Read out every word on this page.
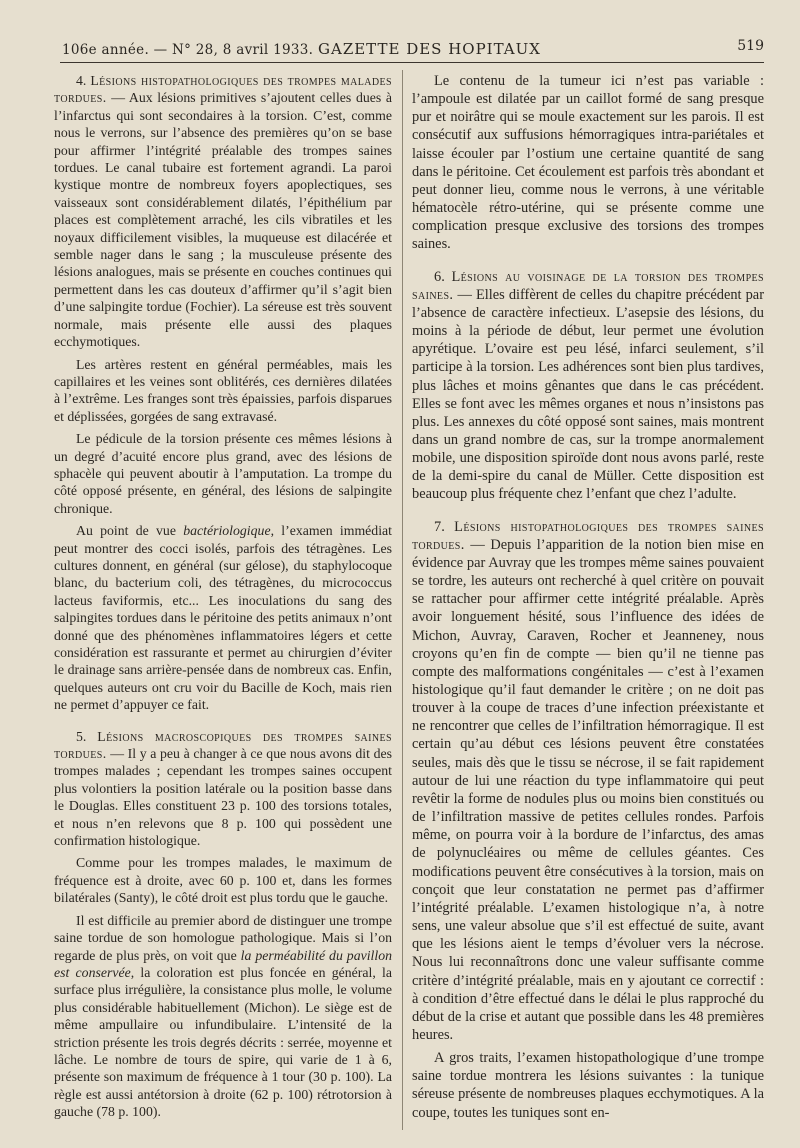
106e année. — N° 28, 8 avril 1933. GAZETTE DES HOPITAUX	519

4. Lésions histopathologiques des trompes malades tordues. — Aux lésions primitives s’ajoutent celles dues à l’infarctus qui sont secondaires à la torsion. C’est, comme nous le verrons, sur l’absence des premières qu’on se base pour affirmer l’intégrité préalable des trompes saines tordues. Le canal tubaire est fortement agrandi. La paroi kystique montre de nombreux foyers apoplectiques, ses vaisseaux sont considérablement dilatés, l’épithélium par places est complètement arraché, les cils vibratiles et les noyaux difficilement visibles, la muqueuse est dilacérée et semble nager dans le sang ; la musculeuse présente des lésions analogues, mais se présente en couches continues qui permettent dans les cas douteux d’affirmer qu’il s’agit bien d’une salpingite tordue (Fochier). La séreuse est très souvent normale, mais présente elle aussi des plaques ecchymotiques.

Les artères restent en général perméables, mais les capillaires et les veines sont oblitérés, ces dernières dilatées à l’extrême. Les franges sont très épaissies, parfois disparues et déplissées, gorgées de sang extravasé.

Le pédicule de la torsion présente ces mêmes lésions à un degré d’acuité encore plus grand, avec des lésions de sphacèle qui peuvent aboutir à l’amputation. La trompe du côté opposé présente, en général, des lésions de salpingite chronique.

Au point de vue bactériologique, l’examen immédiat peut montrer des cocci isolés, parfois des tétragènes. Les cultures donnent, en général (sur gélose), du staphylocoque blanc, du bacterium coli, des tétragènes, du micrococcus lacteus faviformis, etc... Les inoculations du sang des salpingites tordues dans le péritoine des petits animaux n’ont donné que des phénomènes inflammatoires légers et cette considération est rassurante et permet au chirurgien d’éviter le drainage sans arrière-pensée dans de nombreux cas. Enfin, quelques auteurs ont cru voir du Bacille de Koch, mais rien ne permet d’appuyer ce fait.

5. Lésions macroscopiques des trompes saines tordues. — Il y a peu à changer à ce que nous avons dit des trompes malades ; cependant les trompes saines occupent plus volontiers la position latérale ou la position basse dans le Douglas. Elles constituent 23 p. 100 des torsions totales, et nous n’en relevons que 8 p. 100 qui possèdent une confirmation histologique.

Comme pour les trompes malades, le maximum de fréquence est à droite, avec 60 p. 100 et, dans les formes bilatérales (Santy), le côté droit est plus tordu que le gauche.

Il est difficile au premier abord de distinguer une trompe saine tordue de son homologue pathologique. Mais si l’on regarde de plus près, on voit que la perméabilité du pavillon est conservée, la coloration est plus foncée en général, la surface plus irrégulière, la consistance plus molle, le volume plus considérable habituellement (Michon). Le siège est de même ampullaire ou infundibulaire. L’intensité de la striction présente les trois degrés décrits : serrée, moyenne et lâche. Le nombre de tours de spire, qui varie de 1 à 6, présente son maximum de fréquence à 1 tour (30 p. 100). La règle est aussi antétorsion à droite (62 p. 100) rétrotorsion à gauche (78 p. 100).

Le contenu de la tumeur ici n’est pas variable : l’ampoule est dilatée par un caillot formé de sang presque pur et noirâtre qui se moule exactement sur les parois. Il est consécutif aux suffusions hémorragiques intra-pariétales et laisse écouler par l’ostium une certaine quantité de sang dans le péritoine. Cet écoulement est parfois très abondant et peut donner lieu, comme nous le verrons, à une véritable hématocèle rétro-utérine, qui se présente comme une complication presque exclusive des torsions des trompes saines.

6. Lésions au voisinage de la torsion des trompes saines. — Elles diffèrent de celles du chapitre précédent par l’absence de caractère infectieux. L’asepsie des lésions, du moins à la période de début, leur permet une évolution apyrétique. L’ovaire est peu lésé, infarci seulement, s’il participe à la torsion. Les adhérences sont bien plus tardives, plus lâches et moins gênantes que dans le cas précédent. Elles se font avec les mêmes organes et nous n’insistons pas plus. Les annexes du côté opposé sont saines, mais montrent dans un grand nombre de cas, sur la trompe anormalement mobile, une disposition spiroïde dont nous avons parlé, reste de la demi-spire du canal de Müller. Cette disposition est beaucoup plus fréquente chez l’enfant que chez l’adulte.

7. Lésions histopathologiques des trompes saines tordues. — Depuis l’apparition de la notion bien mise en évidence par Auvray que les trompes même saines pouvaient se tordre, les auteurs ont recherché à quel critère on pouvait se rattacher pour affirmer cette intégrité préalable. Après avoir longuement hésité, sous l’influence des idées de Michon, Auvray, Caraven, Rocher et Jeanneney, nous croyons qu’en fin de compte — bien qu’il ne tienne pas compte des malformations congénitales — c’est à l’examen histologique qu’il faut demander le critère ; on ne doit pas trouver à la coupe de traces d’une infection préexistante et ne rencontrer que celles de l’infiltration hémorragique. Il est certain qu’au début ces lésions peuvent être constatées seules, mais dès que le tissu se nécrose, il se fait rapidement autour de lui une réaction du type inflammatoire qui peut revêtir la forme de nodules plus ou moins bien constitués ou de l’infiltration massive de petites cellules rondes. Parfois même, on pourra voir à la bordure de l’infarctus, des amas de polynucléaires ou même de cellules géantes. Ces modifications peuvent être consécutives à la torsion, mais on conçoit que leur constatation ne permet pas d’affirmer l’intégrité préalable. L’examen histologique n’a, à notre sens, une valeur absolue que s’il est effectué de suite, avant que les lésions aient le temps d’évoluer vers la nécrose. Nous lui reconnaîtrons donc une valeur suffisante comme critère d’intégrité préalable, mais en y ajoutant ce correctif : à condition d’être effectué dans le délai le plus rapproché du début de la crise et autant que possible dans les 48 premières heures.

A gros traits, l’examen histopathologique d’une trompe saine tordue montrera les lésions suivantes : la tunique séreuse présente de nombreuses plaques ecchymotiques. A la coupe, toutes les tuniques sont en-
